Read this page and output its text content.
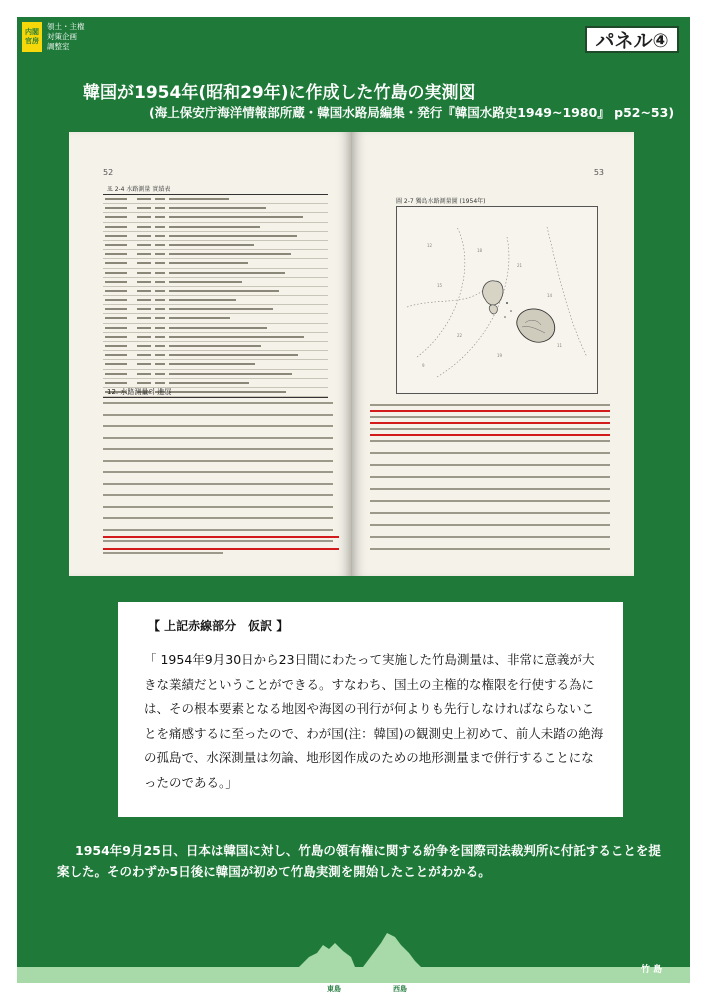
内閣
官房
領土・主権
対策企画
調整室	パネル④
韓国が1954年(昭和29年)に作成した竹島の実測図
(海上保安庁海洋情報部所蔵・韓国水路局編集・発行『韓国水路史1949~1980』 p52~53)
52
표 2-4 水路測量 實績表
12. 水路測量의 進展
53
圖 2-7 獨島水路測量圖 (1954年)
12
18
21
15
14
22
19
11
9
【 上記赤線部分　仮訳 】
「 1954年9月30日から23日間にわたって実施した竹島測量は、非常に意義が大きな業績だということができる。すなわち、国土の主権的な権限を行使する為には、その根本要素となる地図や海図の刊行が何よりも先行しなければならないことを痛感するに至ったので、わが国(注：韓国)の観測史上初めて、前人未踏の絶海の孤島で、水深測量は勿論、地形図作成のための地形測量まで併行することになったのである。」
1954年9月25日、日本は韓国に対し、竹島の領有権に関する紛争を国際司法裁判所に付託することを提案した。そのわずか5日後に韓国が初めて竹島実測を開始したことがわかる。
竹 島
東島	西島
